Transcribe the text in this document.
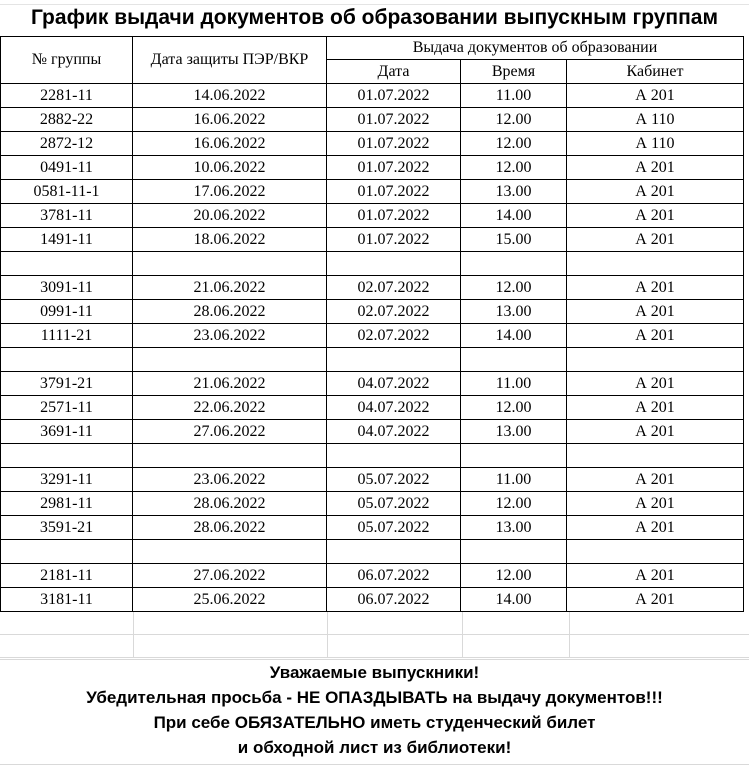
График выдачи документов об образовании выпускным группам
№ группы	Дата защиты ПЭР/ВКР	Выдача документов об образовании		
		Дата	Время	Кабинет
2281-11	14.06.2022	01.07.2022	11.00	А 201
2882-22	16.06.2022	01.07.2022	12.00	А 110
2872-12	16.06.2022	01.07.2022	12.00	А 110
0491-11	10.06.2022	01.07.2022	12.00	А 201
0581-11-1	17.06.2022	01.07.2022	13.00	А 201
3781-11	20.06.2022	01.07.2022	14.00	А 201
1491-11	18.06.2022	01.07.2022	15.00	А 201

3091-11	21.06.2022	02.07.2022	12.00	А 201
0991-11	28.06.2022	02.07.2022	13.00	А 201
1111-21	23.06.2022	02.07.2022	14.00	А 201

3791-21	21.06.2022	04.07.2022	11.00	А 201
2571-11	22.06.2022	04.07.2022	12.00	А 201
3691-11	27.06.2022	04.07.2022	13.00	А 201

3291-11	23.06.2022	05.07.2022	11.00	А 201
2981-11	28.06.2022	05.07.2022	12.00	А 201
3591-21	28.06.2022	05.07.2022	13.00	А 201

2181-11	27.06.2022	06.07.2022	12.00	А 201
3181-11	25.06.2022	06.07.2022	14.00	А 201
Уважаемые выпускники!
Убедительная просьба - НЕ ОПАЗДЫВАТЬ на выдачу документов!!!
При себе ОБЯЗАТЕЛЬНО иметь студенческий билет
и обходной лист из библиотеки!
